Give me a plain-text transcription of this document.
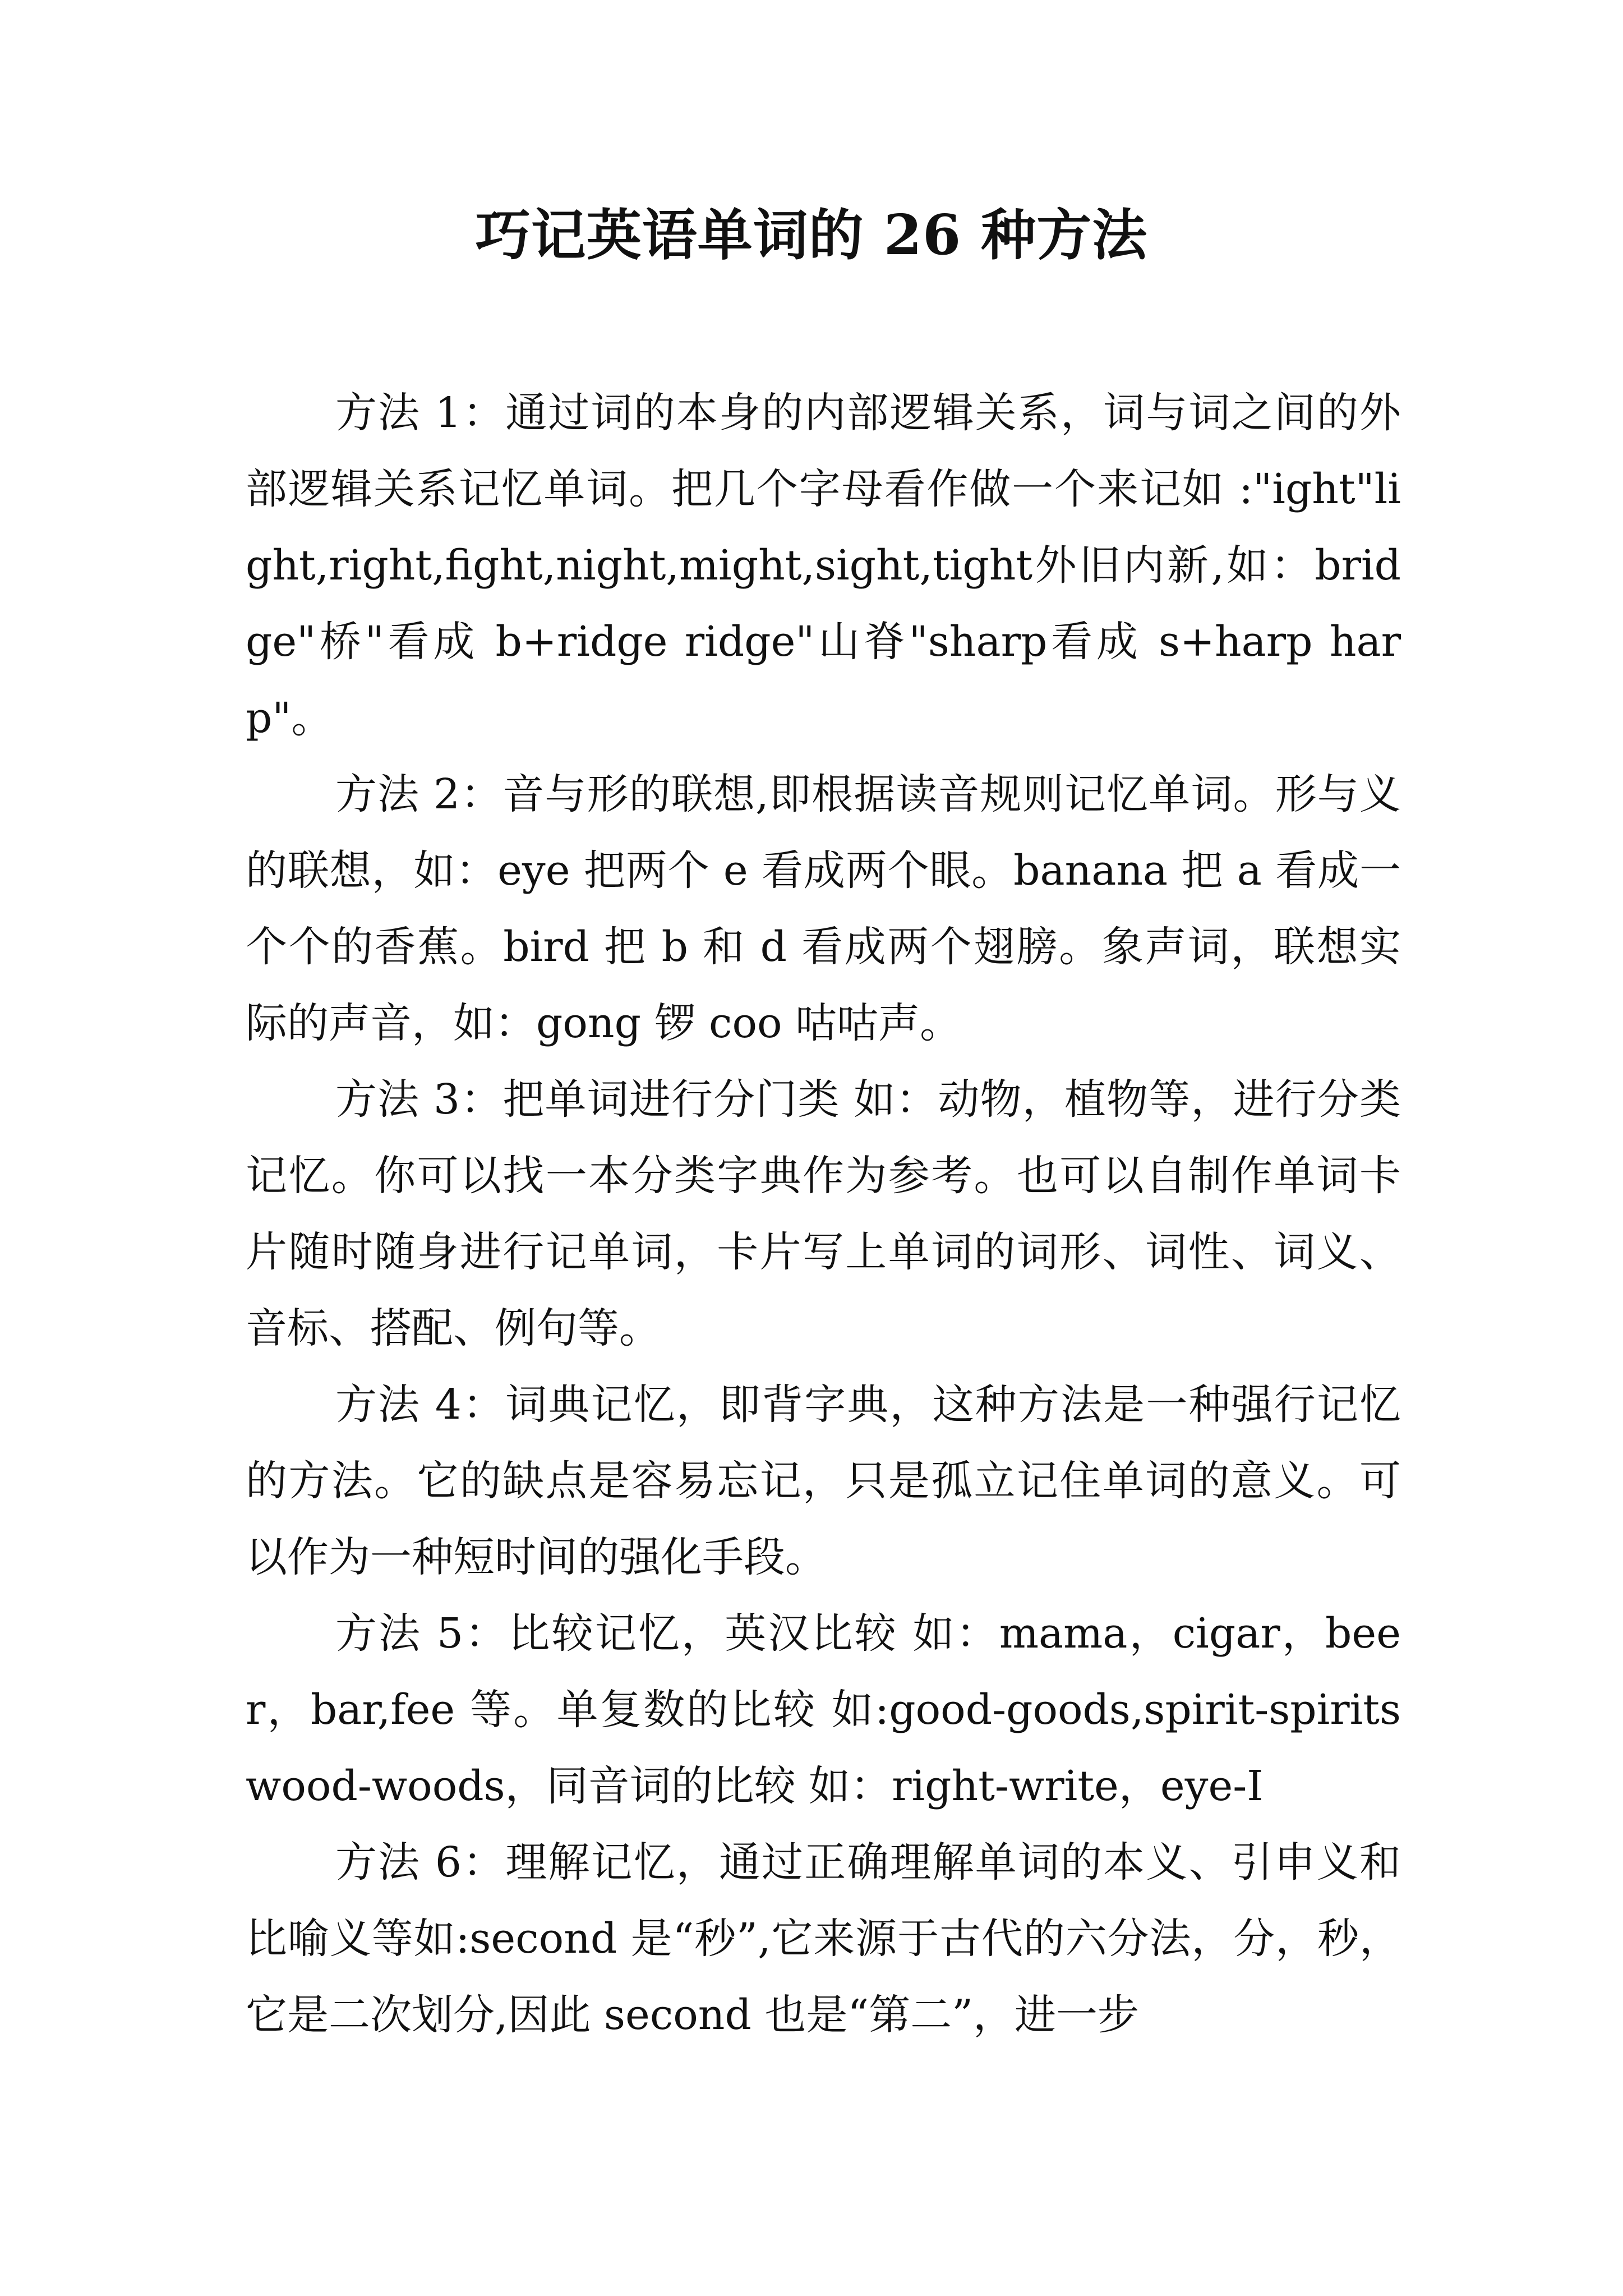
巧记英语单词的 26 种方法

方法 1：通过词的本身的内部逻辑关系，词与词之间的外部逻辑关系记忆单词。把几个字母看作做一个来记如 :"ight"light,right,fight,night,might,sight,tight外旧内新,如：bridge"桥"看成 b+ridge ridge"山脊"sharp看成 s+harp harp"。

方法 2：音与形的联想,即根据读音规则记忆单词。形与义的联想，如：eye 把两个 e 看成两个眼。banana 把 a 看成一个个的香蕉。bird 把 b 和 d 看成两个翅膀。象声词，联想实际的声音，如：gong 锣 coo 咕咕声。

方法 3：把单词进行分门类 如：动物，植物等，进行分类记忆。你可以找一本分类字典作为参考。也可以自制作单词卡片随时随身进行记单词，卡片写上单词的词形、词性、词义、音标、搭配、例句等。

方法 4：词典记忆，即背字典，这种方法是一种强行记忆的方法。它的缺点是容易忘记，只是孤立记住单词的意义。可以作为一种短时间的强化手段。

方法 5：比较记忆，英汉比较 如：mama，cigar，beer，bar,fee 等。单复数的比较 如:good-goods,spirit-spiritswood-woods，同音词的比较 如：right-write，eye-I

方法 6：理解记忆，通过正确理解单词的本义、引申义和比喻义等如:second 是“秒”,它来源于古代的六分法，分，秒，它是二次划分,因此 second 也是“第二”，进一步
